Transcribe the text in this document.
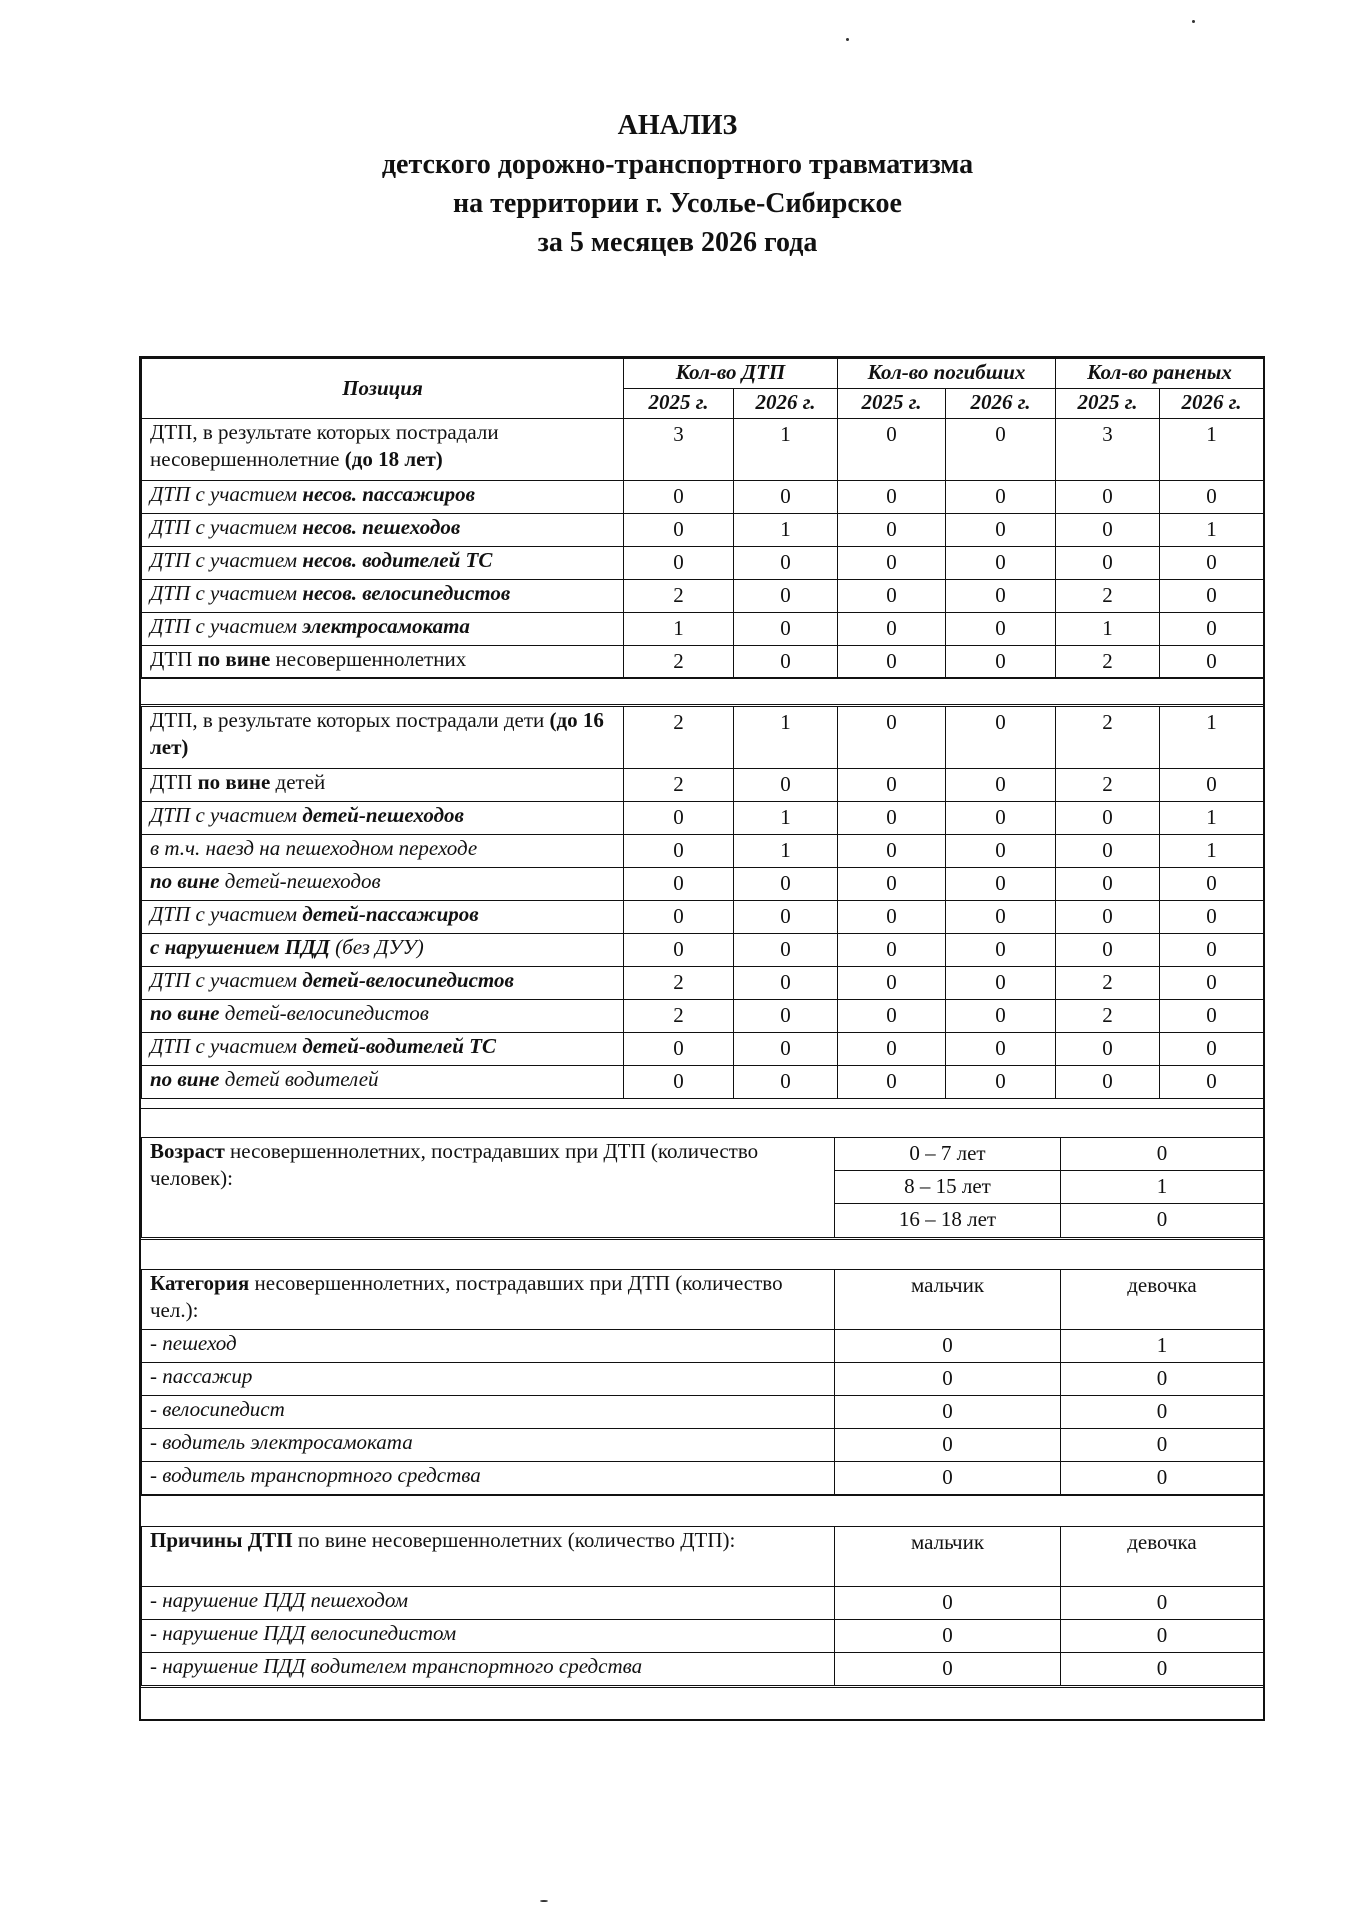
АНАЛИЗ
детского дорожно-транспортного травматизма
на территории г. Усолье-Сибирское
за 5 месяцев 2026 года
Позиция	Кол-во ДТП		Кол-во погибших		Кол-во раненых	
	2025 г.	2026 г.	2025 г.	2026 г.	2025 г.	2026 г.
ДТП, в результате которых пострадали несовершеннолетние (до 18 лет)	3	1	0	0	3	1
ДТП с участием несов. пассажиров	0	0	0	0	0	0
ДТП с участием несов. пешеходов	0	1	0	0	0	1
ДТП с участием несов. водителей ТС	0	0	0	0	0	0
ДТП с участием несов. велосипедистов	2	0	0	0	2	0
ДТП с участием электросамоката	1	0	0	0	1	0
ДТП по вине несовершеннолетних	2	0	0	0	2	0

ДТП, в результате которых пострадали дети (до 16 лет)	2	1	0	0	2	1
ДТП по вине детей	2	0	0	0	2	0
ДТП с участием детей-пешеходов	0	1	0	0	0	1
в т.ч. наезд на пешеходном переходе	0	1	0	0	0	1
по вине детей-пешеходов	0	0	0	0	0	0
ДТП с участием детей-пассажиров	0	0	0	0	0	0
с нарушением ПДД (без ДУУ)	0	0	0	0	0	0
ДТП с участием детей-велосипедистов	2	0	0	0	2	0
по вине детей-велосипедистов	2	0	0	0	2	0
ДТП с участием детей-водителей ТС	0	0	0	0	0	0
по вине детей водителей	0	0	0	0	0	0
Возраст несовершеннолетних, пострадавших при ДТП (количество человек):	0 – 7 лет	0
	8 – 15 лет	1
	16 – 18 лет	0
Категория несовершеннолетних, пострадавших при ДТП (количество чел.):	мальчик	девочка
- пешеход	0	1
- пассажир	0	0
- велосипедист	0	0
- водитель электросамоката	0	0
- водитель транспортного средства	0	0
Причины ДТП по вине несовершеннолетних (количество ДТП):	мальчик	девочка
- нарушение ПДД пешеходом	0	0
- нарушение ПДД велосипедистом	0	0
- нарушение ПДД водителем транспортного средства	0	0
